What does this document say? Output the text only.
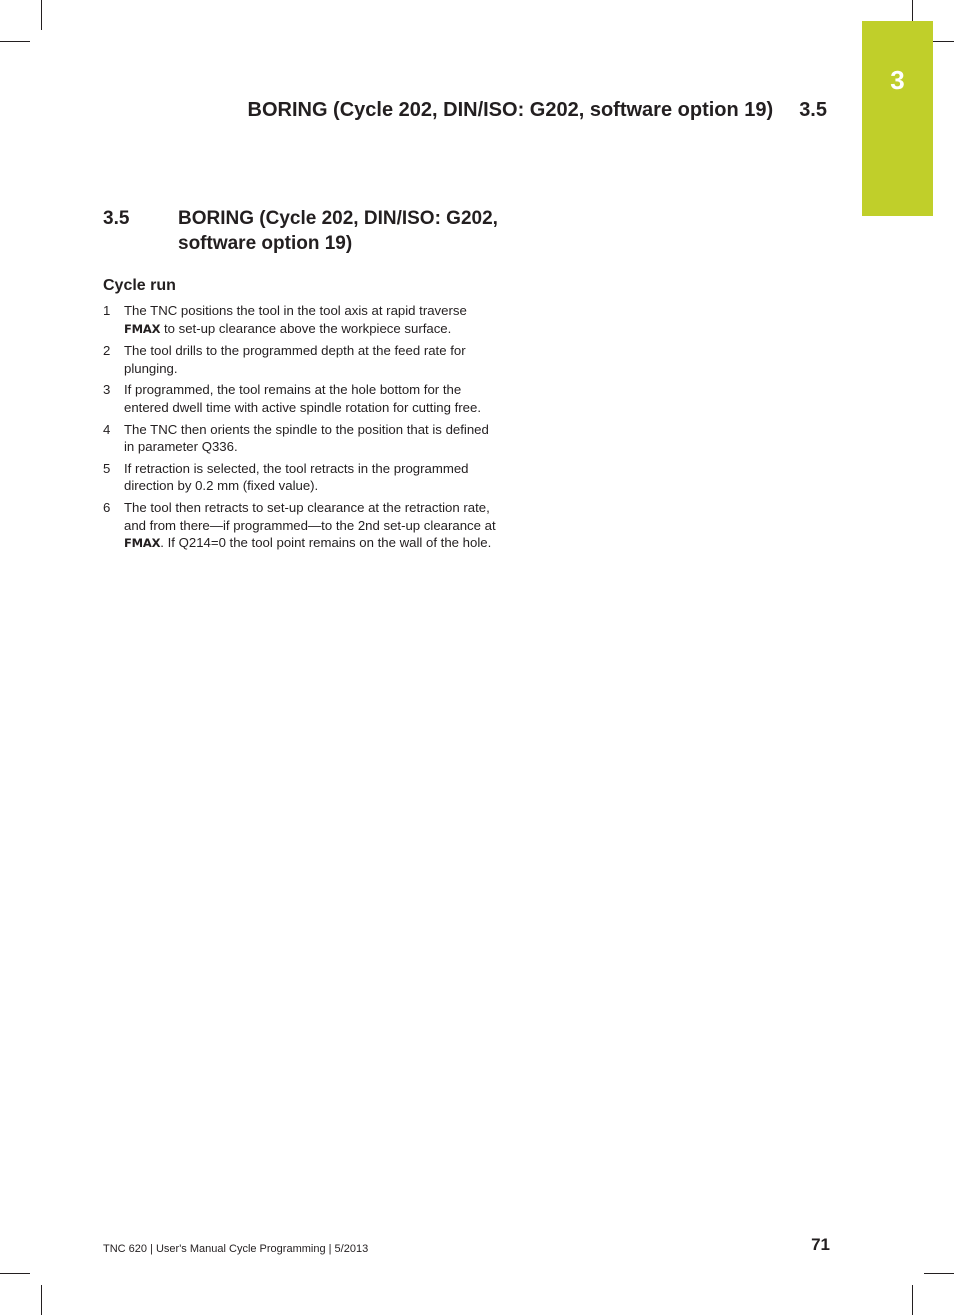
3
BORING (Cycle 202, DIN/ISO: G202, software option 19) 3.5
3.5	BORING (Cycle 202, DIN/ISO: G202,
software option 19)
Cycle run
1 The TNC positions the tool in the tool axis at rapid traverse
FMAX to set-up clearance above the workpiece surface.
2 The tool drills to the programmed depth at the feed rate for
plunging.
3 If programmed, the tool remains at the hole bottom for the
entered dwell time with active spindle rotation for cutting free.
4 The TNC then orients the spindle to the position that is defined
in parameter Q336.
5 If retraction is selected, the tool retracts in the programmed
direction by 0.2 mm (fixed value).
6 The tool then retracts to set-up clearance at the retraction rate,
and from there—if programmed—to the 2nd set-up clearance at
FMAX. If Q214=0 the tool point remains on the wall of the hole.
TNC 620 | User's Manual Cycle Programming | 5/2013	71
